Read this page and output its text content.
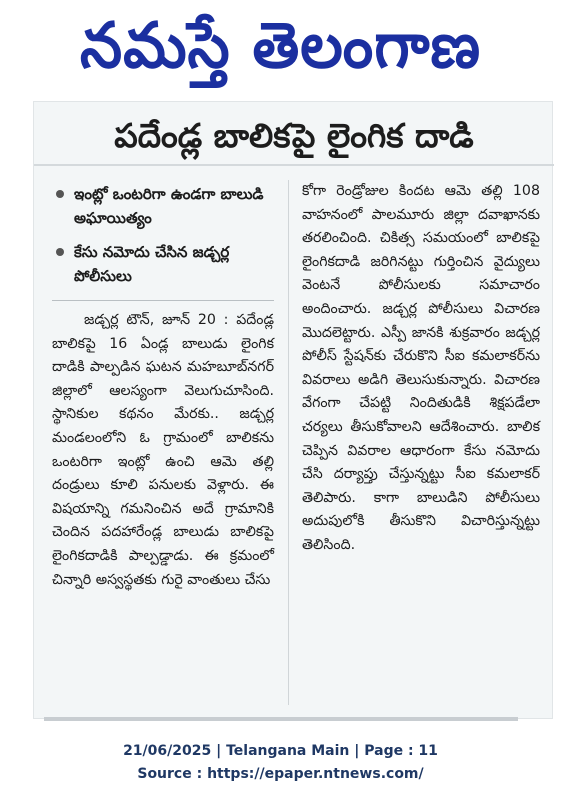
నమస్తే తెలంగాణ
పదేండ్ల బాలికపై లైంగిక దాడి
ఇంట్లో ఒంటరిగా ఉండగా బాలుడి అఘాయిత్యం
కేసు నమోదు చేసిన జడ్చర్ల పోలీసులు

జడ్చర్ల టౌన్, జూన్ 20 : పదేండ్ల బాలికపై 16 ఏండ్ల బాలుడు లైంగిక దాడికి పాల్పడిన ఘటన మహబూబ్‌నగర్ జిల్లాలో ఆలస్యంగా వెలుగుచూసింది. స్థానికుల కథనం మేరకు.. జడ్చర్ల మండలంలోని ఓ గ్రామంలో బాలికను ఒంటరిగా ఇంట్లో ఉంచి ఆమె తల్లి దండ్రులు కూలి పనులకు వెళ్లారు. ఈ విషయాన్ని గమనించిన అదే గ్రామానికి చెందిన పదహారేండ్ల బాలుడు బాలికపై లైంగికదాడికి పాల్పడ్డాడు. ఈ క్రమంలో చిన్నారి అస్వస్థతకు గురై వాంతులు చేసు

కోగా రెండ్రోజుల కిందట ఆమె తల్లి 108 వాహనంలో పాలమూరు జిల్లా దవాఖానకు తరలించింది. చికిత్స సమయంలో బాలికపై లైంగికదాడి జరిగినట్టు గుర్తించిన వైద్యులు వెంటనే పోలీసులకు సమాచారం అందించారు. జడ్చర్ల పోలీసులు విచారణ మొదలెట్టారు. ఎస్పీ జానకి శుక్రవారం జడ్చర్ల పోలీస్ స్టేషన్‌కు చేరుకొని సీఐ కమలాకర్‌ను వివరాలు అడిగి తెలుసుకున్నారు. విచారణ వేగంగా చేపట్టి నిందితుడికి శిక్షపడేలా చర్యలు తీసుకోవాలని ఆదేశించారు. బాలిక చెప్పిన వివరాల ఆధారంగా కేసు నమోదు చేసి దర్యాప్తు చేస్తున్నట్టు సీఐ కమలాకర్ తెలిపారు. కాగా బాలుడిని పోలీసులు అదుపులోకి తీసుకొని విచారిస్తున్నట్టు తెలిసింది.

21/06/2025 | Telangana Main | Page : 11
Source : https://epaper.ntnews.com/
